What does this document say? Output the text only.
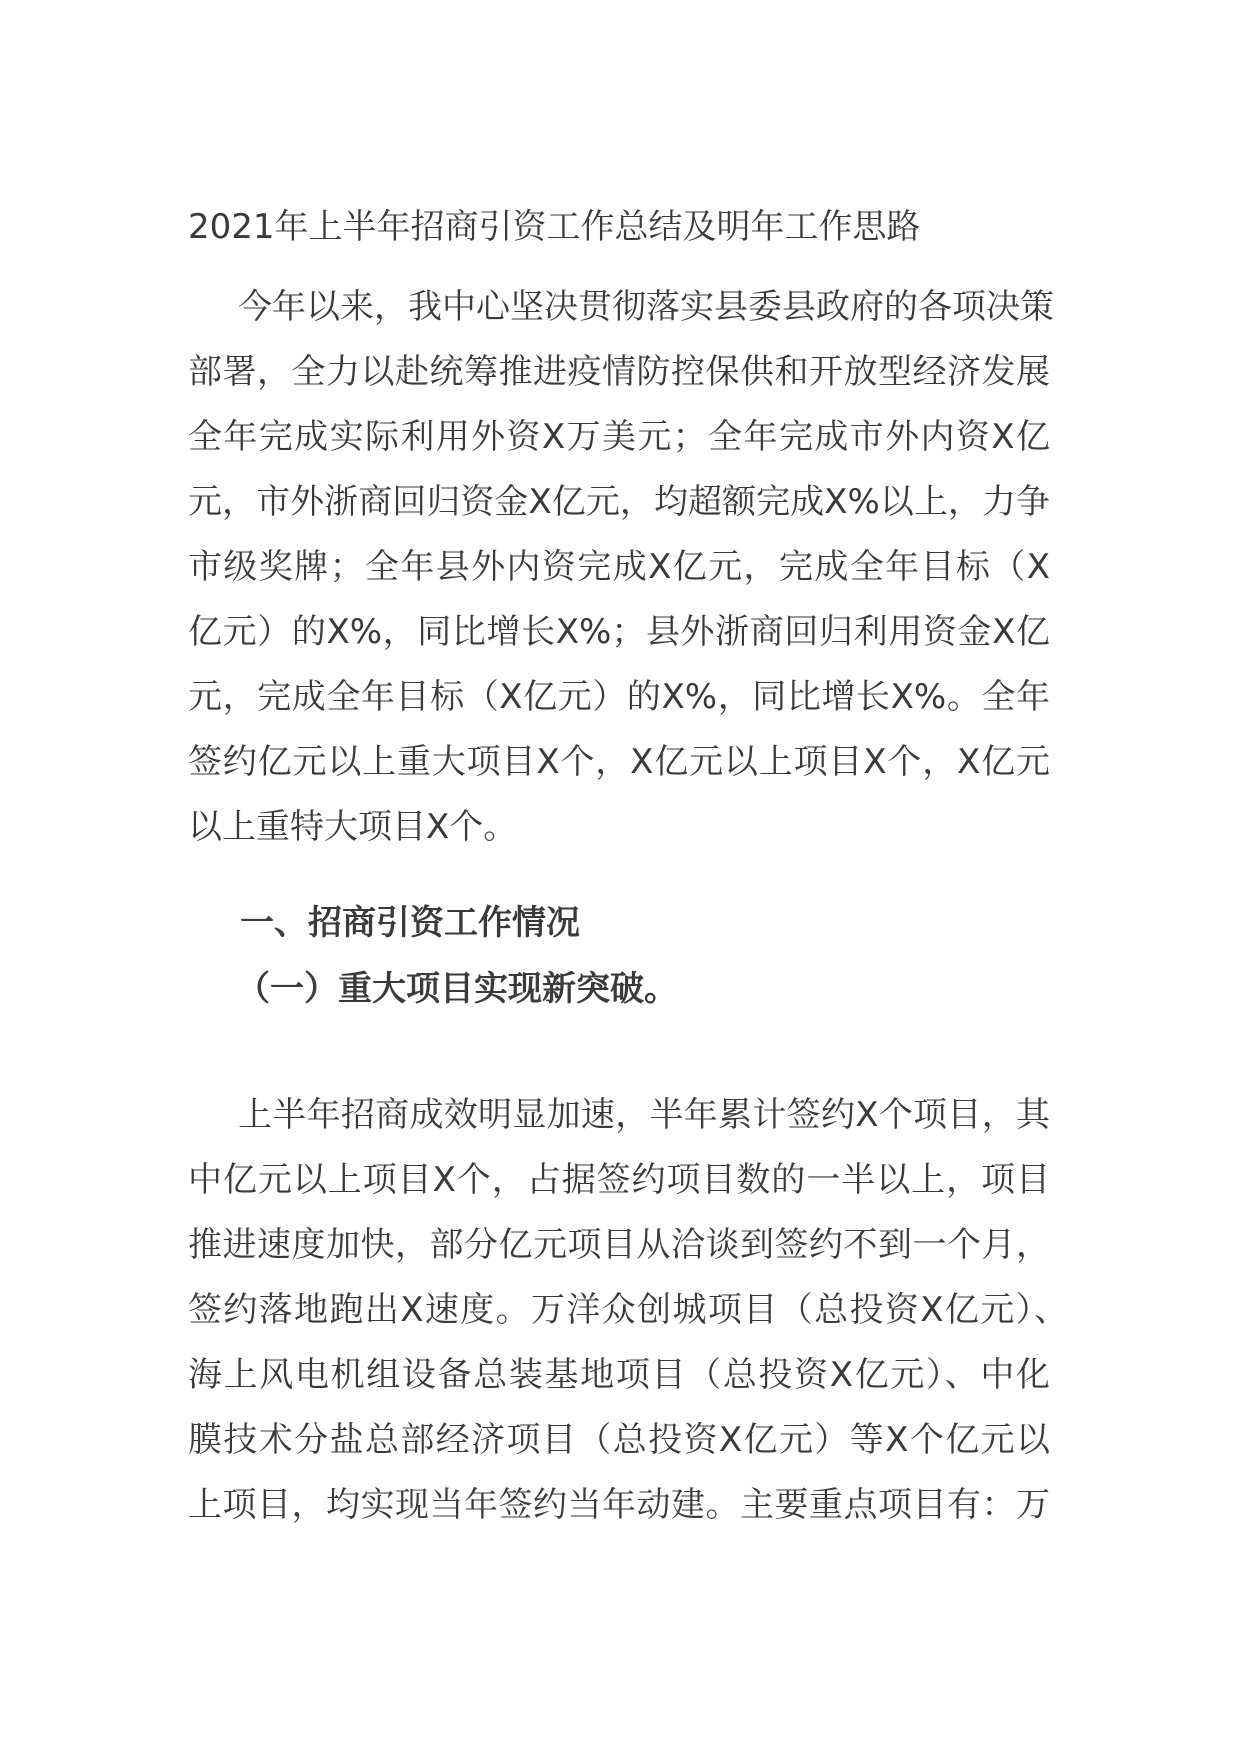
2021年上半年招商引资工作总结及明年工作思路
今年以来，我中心坚决贯彻落实县委县政府的各项决策
部署，全力以赴统筹推进疫情防控保供和开放型经济发展
全年完成实际利用外资X万美元；全年完成市外内资X亿
元，市外浙商回归资金X亿元，均超额完成X%以上，力争
市级奖牌；全年县外内资完成X亿元，完成全年目标（X
亿元）的X%，同比增长X%；县外浙商回归利用资金X亿
元，完成全年目标（X亿元）的X%，同比增长X%。全年
签约亿元以上重大项目X个，X亿元以上项目X个，X亿元
以上重特大项目X个。
一、招商引资工作情况
（一）重大项目实现新突破。
上半年招商成效明显加速，半年累计签约X个项目，其
中亿元以上项目X个，占据签约项目数的一半以上，项目
推进速度加快，部分亿元项目从洽谈到签约不到一个月，
签约落地跑出X速度。万洋众创城项目（总投资X亿元）、
海上风电机组设备总装基地项目（总投资X亿元）、中化
膜技术分盐总部经济项目（总投资X亿元）等X个亿元以
上项目，均实现当年签约当年动建。主要重点项目有：万
